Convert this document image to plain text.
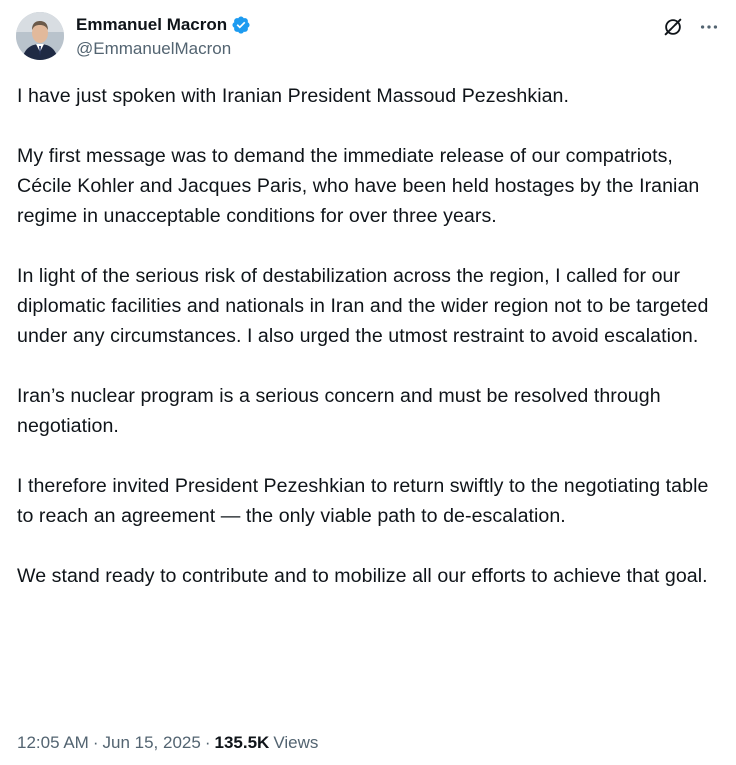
Emmanuel Macron
@EmmanuelMacron

I have just spoken with Iranian President Massoud Pezeshkian.

My first message was to demand the immediate release of our compatriots, Cécile Kohler and Jacques Paris, who have been held hostages by the Iranian regime in unacceptable conditions for over three years.

In light of the serious risk of destabilization across the region, I called for our diplomatic facilities and nationals in Iran and the wider region not to be targeted under any circumstances. I also urged the utmost restraint to avoid escalation.

Iran’s nuclear program is a serious concern and must be resolved through negotiation.

I therefore invited President Pezeshkian to return swiftly to the negotiating table to reach an agreement — the only viable path to de-escalation.

We stand ready to contribute and to mobilize all our efforts to achieve that goal.

12:05 AM · Jun 15, 2025 · 135.5K Views
